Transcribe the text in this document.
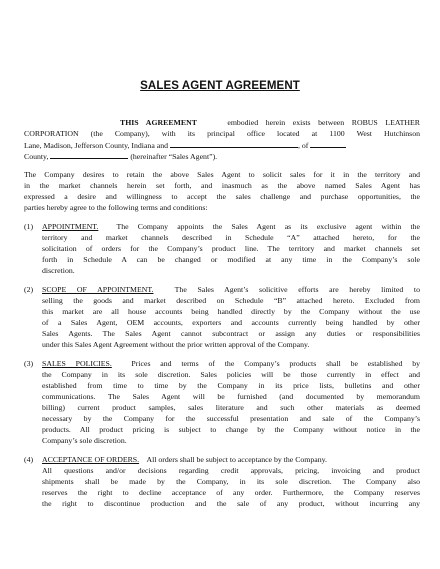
SALES AGENT AGREEMENT
THIS AGREEMENT	embodied herein exists between ROBUS LEATHER
CORPORATION (the Company), with its principal office located at 1100 West Hutchinson
Lane, Madison, Jefferson County, Indiana and	, of
County,	(hereinafter “Sales Agent”).
The Company desires to retain the above Sales Agent to solicit sales for it in the territory and
in the market channels herein set forth, and inasmuch as the above named Sales Agent has
expressed a desire and willingness to accept the sales challenge and purchase opportunities, the
parties hereby agree to the following terms and conditions:
(1) APPOINTMENT. The Company appoints the Sales Agent as its exclusive agent within the
territory and market channels described in Schedule “A” attached hereto, for the
solicitation of orders for the Company’s product line. The territory and market channels set
forth in Schedule A can be changed or modified at any time in the Company’s sole
discretion.
(2) SCOPE OF APPOINTMENT.	The Sales Agent’s solicitive efforts are hereby limited to
selling the goods and market described on Schedule “B” attached hereto. Excluded from
this market are all house accounts being handled directly by the Company without the use
of a Sales Agent, OEM accounts, exporters and accounts currently being handled by other
Sales Agents. The Sales Agent cannot subcontract or assign any duties or responsibilities
under this Sales Agent Agreement without the prior written approval of the Company.
(3) SALES POLICIES.	Prices and terms of the Company’s products shall be established by
the Company in its sole discretion. Sales policies will be those currently in effect and
established from time to time by the Company in its price lists, bulletins and other
communications. The Sales Agent will be furnished (and documented by memorandum
billing) current product samples, sales literature and such other materials as deemed
necessary by the Company for the successful presentation and sale of the Company’s
products. All product pricing is subject to change by the Company without notice in the
Company’s sole discretion.
(4) ACCEPTANCE OF ORDERS. All orders shall be subject to acceptance by the Company.
All questions and/or decisions regarding credit approvals, pricing, invoicing and product
shipments shall be made by the Company, in its sole discretion. The Company also
reserves the right to decline acceptance of any order. Furthermore, the Company reserves
the right to discontinue production and the sale of any product, without incurring any
